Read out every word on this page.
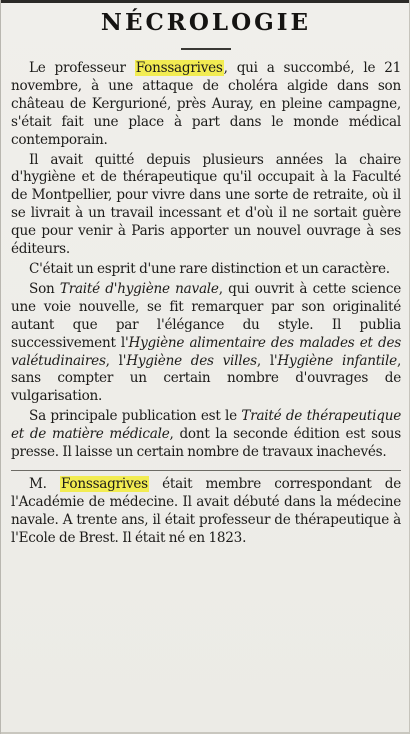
NÉCROLOGIE

Le professeur Fonssagrives, qui a succombé, le 21 novembre, à une attaque de choléra algide dans son château de Kergurioné, près Auray, en pleine campagne, s'était fait une place à part dans le monde médical contemporain.

Il avait quitté depuis plusieurs années la chaire d'hygiène et de thérapeutique qu'il occupait à la Faculté de Montpellier, pour vivre dans une sorte de retraite, où il se livrait à un travail incessant et d'où il ne sortait guère que pour venir à Paris apporter un nouvel ouvrage à ses éditeurs.

C'était un esprit d'une rare distinction et un caractère.

Son Traité d'hygiène navale, qui ouvrit à cette science une voie nouvelle, se fit remarquer par son originalité autant que par l'élégance du style. Il publia successivement l'Hygiène alimentaire des malades et des valétudinaires, l'Hygiène des villes, l'Hygiène infantile, sans compter un certain nombre d'ouvrages de vulgarisation.

Sa principale publication est le Traité de thérapeutique et de matière médicale, dont la seconde édition est sous presse. Il laisse un certain nombre de travaux inachevés.

M. Fonssagrives était membre correspondant de l'Académie de médecine. Il avait débuté dans la médecine navale. A trente ans, il était professeur de thérapeutique à l'Ecole de Brest. Il était né en 1823.
